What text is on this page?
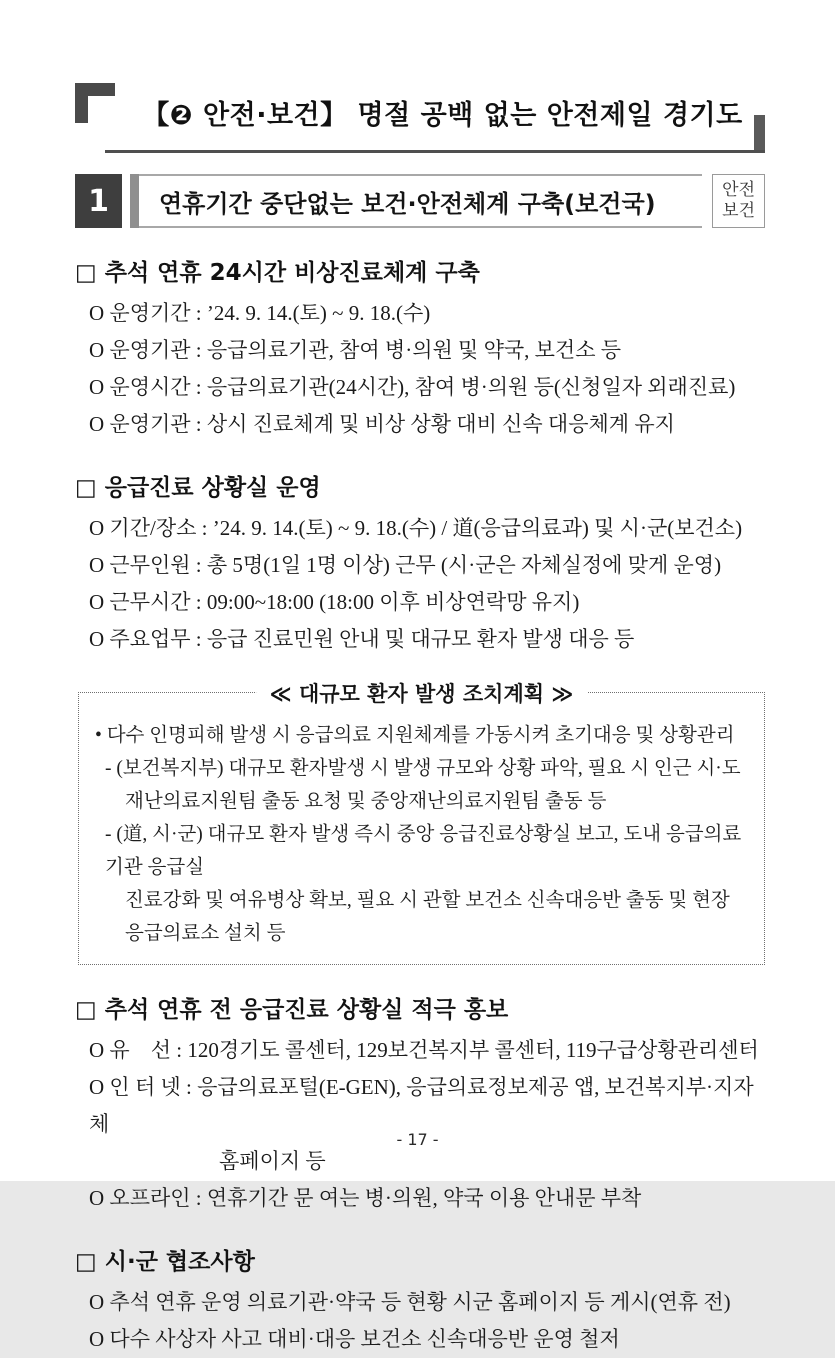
【❷ 안전·보건】 명절 공백 없는 안전제일 경기도
1	연휴기간 중단없는 보건·안전체계 구축(보건국)	안전
보건
□ 추석 연휴 24시간 비상진료체계 구축
O 운영기간 : ’24. 9. 14.(토) ~ 9. 18.(수)
O 운영기관 : 응급의료기관, 참여 병·의원 및 약국, 보건소 등
O 운영시간 : 응급의료기관(24시간), 참여 병·의원 등(신청일자 외래진료)
O 운영기관 : 상시 진료체계 및 비상 상황 대비 신속 대응체계 유지
□ 응급진료 상황실 운영
O 기간/장소 : ’24. 9. 14.(토) ~ 9. 18.(수) / 道(응급의료과) 및 시·군(보건소)
O 근무인원 : 총 5명(1일 1명 이상) 근무 (시·군은 자체실정에 맞게 운영)
O 근무시간 : 09:00~18:00 (18:00 이후 비상연락망 유지)
O 주요업무 : 응급 진료민원 안내 및 대규모 환자 발생 대응 등
≪ 대규모 환자 발생 조치계획 ≫
• 다수 인명피해 발생 시 응급의료 지원체계를 가동시켜 초기대응 및 상황관리
- (보건복지부) 대규모 환자발생 시 발생 규모와 상황 파악, 필요 시 인근 시·도
재난의료지원팀 출동 요청 및 중앙재난의료지원팀 출동 등
- (道, 시·군) 대규모 환자 발생 즉시 중앙 응급진료상황실 보고, 도내 응급의료기관 응급실
진료강화 및 여유병상 확보, 필요 시 관할 보건소 신속대응반 출동 및 현장응급의료소 설치 등
□ 추석 연휴 전 응급진료 상황실 적극 홍보
O 유    선 : 120경기도 콜센터, 129보건복지부 콜센터, 119구급상황관리센터
O 인 터 넷 : 응급의료포털(E-GEN), 응급의료정보제공 앱, 보건복지부·지자체
홈페이지 등
O 오프라인 : 연휴기간 문 여는 병·의원, 약국 이용 안내문 부착
□ 시·군 협조사항
O 추석 연휴 운영 의료기관·약국 등 현황 시군 홈페이지 등 게시(연휴 전)
O 다수 사상자 사고 대비·대응 보건소 신속대응반 운영 철저
- 17 -
